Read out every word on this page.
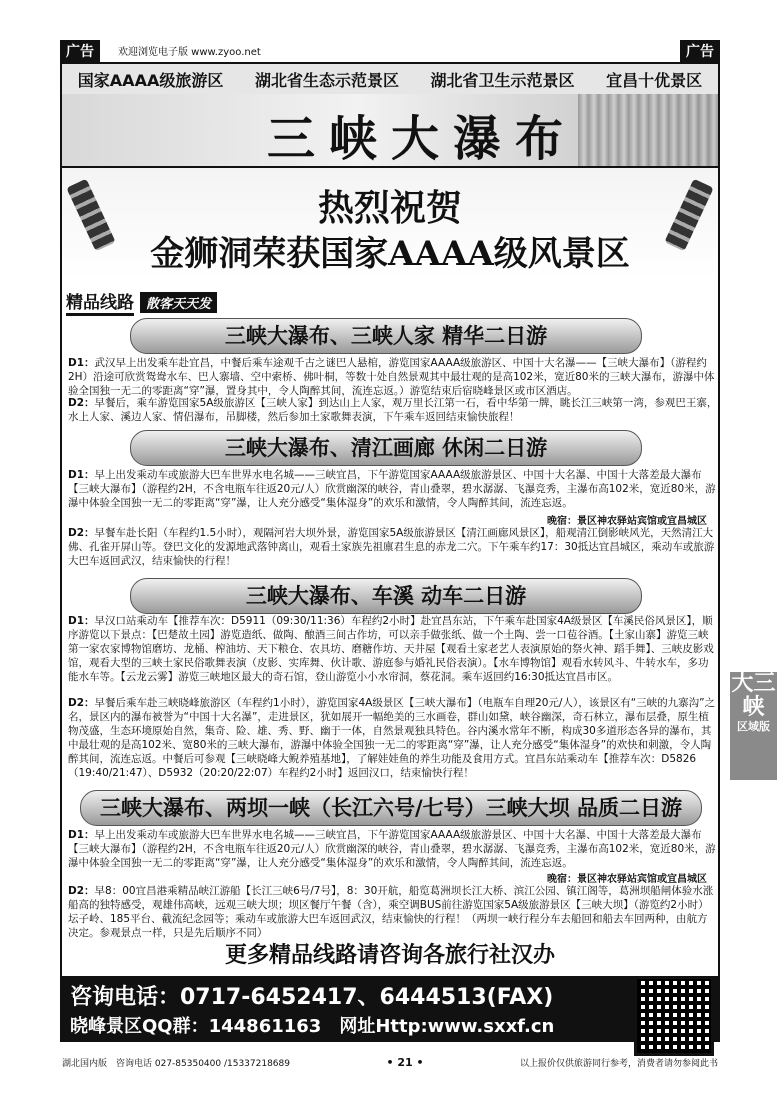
广告	欢迎浏览电子版 www.zyoo.net	广告
国家AAAA级旅游区 湖北省生态示范景区 湖北省卫生示范景区 宜昌十优景区
三峡大瀑布
热烈祝贺
金狮洞荣获国家AAAA级风景区
精品线路 散客天天发
三峡大瀑布、三峡人家 精华二日游
D1：武汉早上出发乘车赴宜昌，中餐后乘车途观千古之谜巴人悬棺，游览国家AAAA级旅游区、中国十大名瀑——【三峡大瀑布】（游程约2H）沿途可欣赏鸳鸯水车、巴人寨墙、空中索桥、佛叶桐，等数十处自然景观其中最壮观的是高102米，宽近80米的三峡大瀑布，游瀑中体验全国独一无二的零距离“穿”瀑，置身其中，令人陶醉其间，流连忘返。）游览结束后宿晓峰景区或市区酒店。
D2：早餐后，乘车游览国家5A级旅游区【三峡人家】到达山上人家，观万里长江第一石，看中华第一牌，眺长江三峡第一湾，参观巴王寨，水上人家、溪边人家、情侣瀑布，吊脚楼，然后参加土家歌舞表演，下午乘车返回结束愉快旅程！
三峡大瀑布、清江画廊 休闲二日游
D1：早上出发乘动车或旅游大巴车世界水电名城——三峡宜昌，下午游览国家AAAA级旅游景区、中国十大名瀑、中国十大落差最大瀑布【三峡大瀑布】（游程约2H，不含电瓶车往返20元/人）欣赏幽深的峡谷，青山叠翠，碧水潺潺、飞瀑竞秀，主瀑布高102米，宽近80米，游瀑中体验全国独一无二的零距离“穿”瀑，让人充分感受“集体湿身”的欢乐和激情，令人陶醉其间，流连忘返。
晚宿：景区神农驿站宾馆或宜昌城区
D2：早餐车赴长阳（车程约1.5小时），观隔河岩大坝外景，游览国家5A级旅游景区【清江画廊风景区】，船观清江倒影峡风光，天然清江大佛、孔雀开屏山等。登巴文化的发源地武落钟离山，观看土家族先祖廪君生息的赤龙二穴。下午乘车约17：30抵达宜昌城区，乘动车或旅游大巴车返回武汉，结束愉快的行程！
三峡大瀑布、车溪 动车二日游
D1：早汉口站乘动车【推荐车次：D5911（09:30/11:36）车程约2小时】赴宜昌东站，下午乘车赴国家4A级景区【车溪民俗风景区】，顺序游览以下景点：【巴楚故土园】游览造纸、做陶、酿酒三间古作坊，可以亲手做张纸、做一个土陶、尝一口苞谷酒。【土家山寨】游览三峡第一家农家博物馆磨坊、龙桶、榨油坊、天下粮仓、农具坊、磨糖作坊、天井屋【观看土家老艺人表演原始的祭火神、蹈手舞】、三峡皮影戏馆，观看大型的三峡土家民俗歌舞表演（皮影、实库舞、伙计歌、游庭参与婚礼民俗表演）。【水车博物馆】观看水转风斗、牛转水车，多功能水车等。【云龙云雾】游览三峡地区最大的奇石馆，登山游览小小水帘洞，蔡花洞。乘车返回约16:30抵达宜昌市区。
D2：早餐后乘车赴三峡晓峰旅游区（车程约1小时），游览国家4A级景区【三峡大瀑布】（电瓶车自理20元/人），该景区有“三峡的九寨沟”之名，景区内的瀑布被誉为“中国十大名瀑”，走进景区，犹如展开一幅绝美的三水画卷，群山如黛，峡谷幽深，奇石林立，瀑布层叠，原生植物茂盛，生态环境原始自然，集奇、险、雄、秀、野、幽于一体，自然景观独具特色。谷内溪水常年不断，构成30多道形态各异的瀑布，其中最壮观的是高102米、宽80米的三峡大瀑布，游瀑中体验全国独一无二的零距离“穿”瀑，让人充分感受“集体湿身”的欢快和刺激，令人陶醉其间，流连忘返。中餐后可参观【三峡晓峰大鲵养殖基地】，了解娃娃鱼的养生功能及食用方式。宜昌东站乘动车【推荐车次：D5826（19:40/21:47）、D5932（20:20/22:07）车程约2小时】返回汉口，结束愉快行程！
三峡大瀑布、两坝一峡（长江六号/七号）三峡大坝 品质二日游
D1：早上出发乘动车或旅游大巴车世界水电名城——三峡宜昌，下午游览国家AAAA级旅游景区、中国十大名瀑、中国十大落差最大瀑布【三峡大瀑布】（游程约2H，不含电瓶车往返20元/人）欣赏幽深的峡谷，青山叠翠，碧水潺潺、飞瀑竞秀，主瀑布高102米，宽近80米，游瀑中体验全国独一无二的零距离“穿”瀑，让人充分感受“集体湿身”的欢乐和激情，令人陶醉其间，流连忘返。
晚宿：景区神农驿站宾馆或宜昌城区
D2：早8：00宜昌港乘精品峡江游船【长江三峡6号/7号】，8：30开航，船览葛洲坝长江大桥、滨江公园、镇江阁等，葛洲坝船闸体验水涨船高的独特感受，观雄伟高峡，远观三峡大坝；坝区餐厅午餐（含），乘空调BUS前往游览国家5A级旅游景区【三峡大坝】（游览约2小时）坛子岭、185平台、截流纪念园等；乘动车或旅游大巴车返回武汉，结束愉快的行程！（两坝一峡行程分车去船回和船去车回两种，由航方决定。参观景点一样，只是先后顺序不同）
更多精品线路请咨询各旅行社汉办
咨询电话：0717-6452417、6444513(FAX)
晓峰景区QQ群：144861163　网址Http:www.sxxf.cn
大三峡
区域版
湖北国内版　咨询电话 027-85350400 /15337218689	• 21 •	以上报价仅供旅游同行参考，消费者请勿参阅此书
